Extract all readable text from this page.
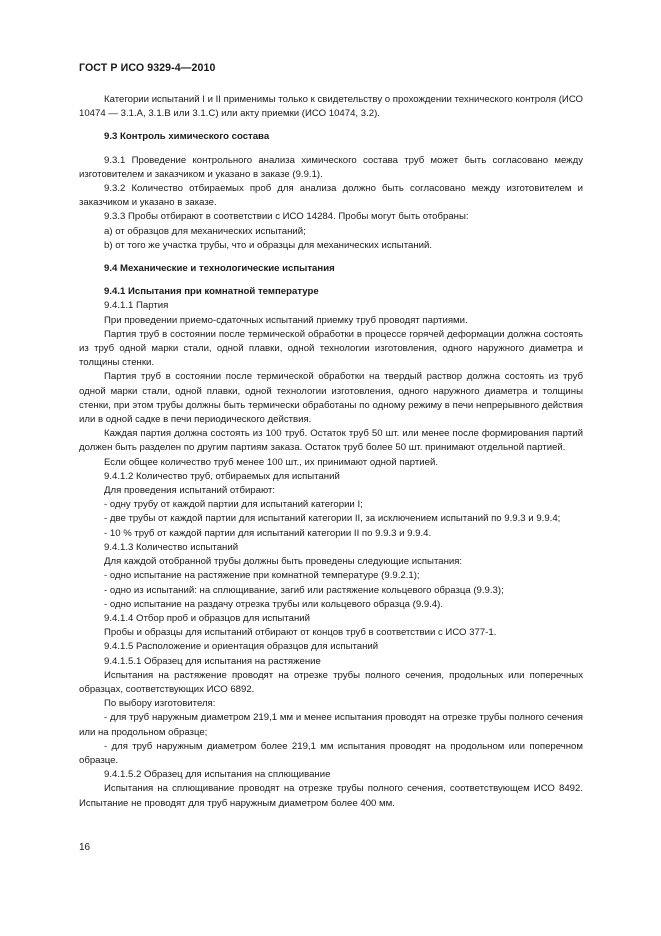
ГОСТ Р ИСО 9329-4—2010

Категории испытаний I и II применимы только к свидетельству о прохождении технического контроля (ИСО 10474 — 3.1.А, 3.1.В или 3.1.С) или акту приемки (ИСО 10474, 3.2).

9.3 Контроль химического состава

9.3.1 Проведение контрольного анализа химического состава труб может быть согласовано между изготовителем и заказчиком и указано в заказе (9.9.1).

9.3.2 Количество отбираемых проб для анализа должно быть согласовано между изготовителем и заказчиком и указано в заказе.

9.3.3 Пробы отбирают в соответствии с ИСО 14284. Пробы могут быть отобраны:

а) от образцов для механических испытаний;

b) от того же участка трубы, что и образцы для механических испытаний.

9.4 Механические и технологические испытания

9.4.1 Испытания при комнатной температуре

9.4.1.1 Партия

При проведении приемо-сдаточных испытаний приемку труб проводят партиями.

Партия труб в состоянии после термической обработки в процессе горячей деформации должна состоять из труб одной марки стали, одной плавки, одной технологии изготовления, одного наружного диаметра и толщины стенки.

Партия труб в состоянии после термической обработки на твердый раствор должна состоять из труб одной марки стали, одной плавки, одной технологии изготовления, одного наружного диаметра и толщины стенки, при этом трубы должны быть термически обработаны по одному режиму в печи непрерывного действия или в одной садке в печи периодического действия.

Каждая партия должна состоять из 100 труб. Остаток труб 50 шт. или менее после формирования партий должен быть разделен по другим партиям заказа. Остаток труб более 50 шт. принимают отдельной партией.

Если общее количество труб менее 100 шт., их принимают одной партией.

9.4.1.2 Количество труб, отбираемых для испытаний

Для проведения испытаний отбирают:

- одну трубу от каждой партии для испытаний категории I;

- две трубы от каждой партии для испытаний категории II, за исключением испытаний по 9.9.3 и 9.9.4;

- 10 % труб от каждой партии для испытаний категории II по 9.9.3 и 9.9.4.

9.4.1.3 Количество испытаний

Для каждой отобранной трубы должны быть проведены следующие испытания:

- одно испытание на растяжение при комнатной температуре (9.9.2.1);

- одно из испытаний: на сплющивание, загиб или растяжение кольцевого образца (9.9.3);

- одно испытание на раздачу отрезка трубы или кольцевого образца (9.9.4).

9.4.1.4 Отбор проб и образцов для испытаний

Пробы и образцы для испытаний отбирают от концов труб в соответствии с ИСО 377-1.

9.4.1.5 Расположение и ориентация образцов для испытаний

9.4.1.5.1 Образец для испытания на растяжение

Испытания на растяжение проводят на отрезке трубы полного сечения, продольных или поперечных образцах, соответствующих ИСО 6892.

По выбору изготовителя:

- для труб наружным диаметром 219,1 мм и менее испытания проводят на отрезке трубы полного сечения или на продольном образце;

- для труб наружным диаметром более 219,1 мм испытания проводят на продольном или поперечном образце.

9.4.1.5.2 Образец для испытания на сплющивание

Испытания на сплющивание проводят на отрезке трубы полного сечения, соответствующем ИСО 8492. Испытание не проводят для труб наружным диаметром более 400 мм.

16
